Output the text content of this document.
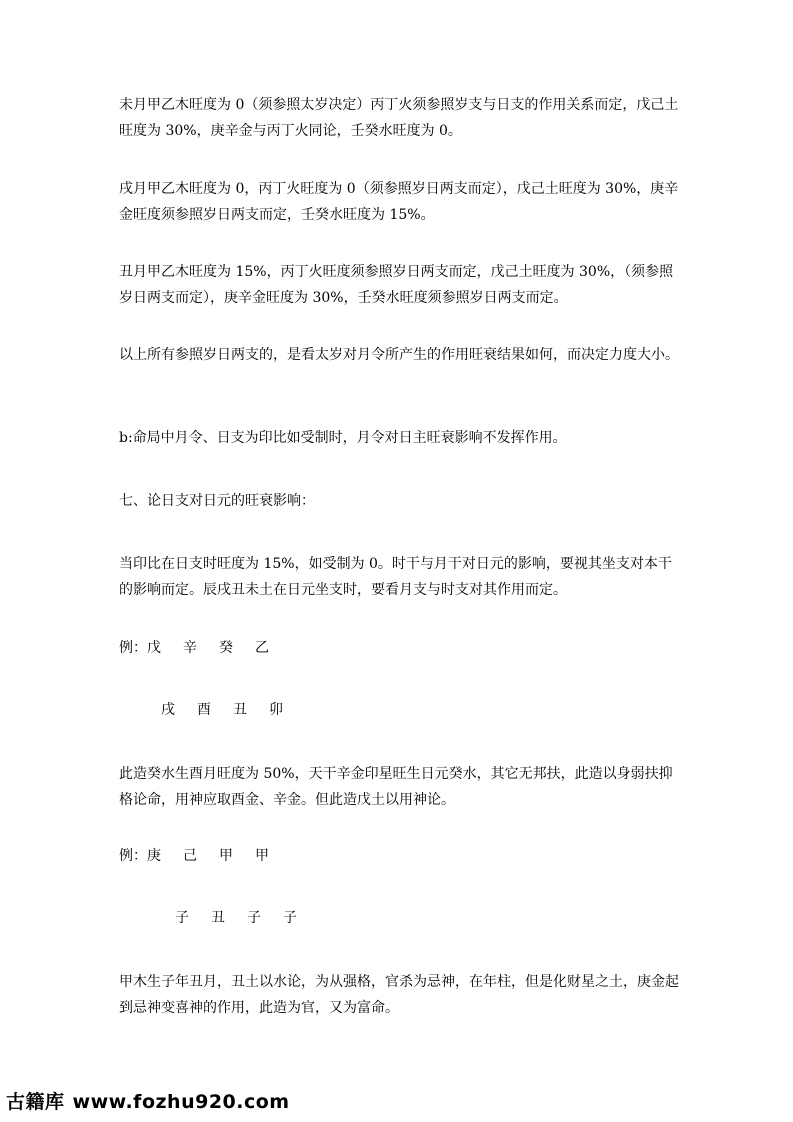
未月甲乙木旺度为 0（须参照太岁决定）丙丁火须参照岁支与日支的作用关系而定，戊己土旺度为 30%，庚辛金与丙丁火同论，壬癸水旺度为 0。

戌月甲乙木旺度为 0，丙丁火旺度为 0（须参照岁日两支而定），戊己土旺度为 30%，庚辛金旺度须参照岁日两支而定，壬癸水旺度为 15%。

丑月甲乙木旺度为 15%，丙丁火旺度须参照岁日两支而定，戊己土旺度为 30%，（须参照岁日两支而定），庚辛金旺度为 30%，壬癸水旺度须参照岁日两支而定。

以上所有参照岁日两支的，是看太岁对月令所产生的作用旺衰结果如何，而决定力度大小。

b:命局中月令、日支为印比如受制时，月令对日主旺衰影响不发挥作用。

七、论日支对日元的旺衰影响：

当印比在日支时旺度为 15%，如受制为 0。时干与月干对日元的影响，要视其坐支对本干的影响而定。辰戌丑未土在日元坐支时，要看月支与时支对其作用而定。

例：戊 辛 癸 乙
戌 酉 丑 卯

此造癸水生酉月旺度为 50%，天干辛金印星旺生日元癸水，其它无邦扶，此造以身弱扶抑格论命，用神应取酉金、辛金。但此造戊土以用神论。

例：庚 己 甲 甲
子 丑 子 子

甲木生子年丑月，丑土以水论，为从强格，官杀为忌神，在年柱，但是化财星之土，庚金起到忌神变喜神的作用，此造为官，又为富命。

古籍库 www.fozhu920.com
